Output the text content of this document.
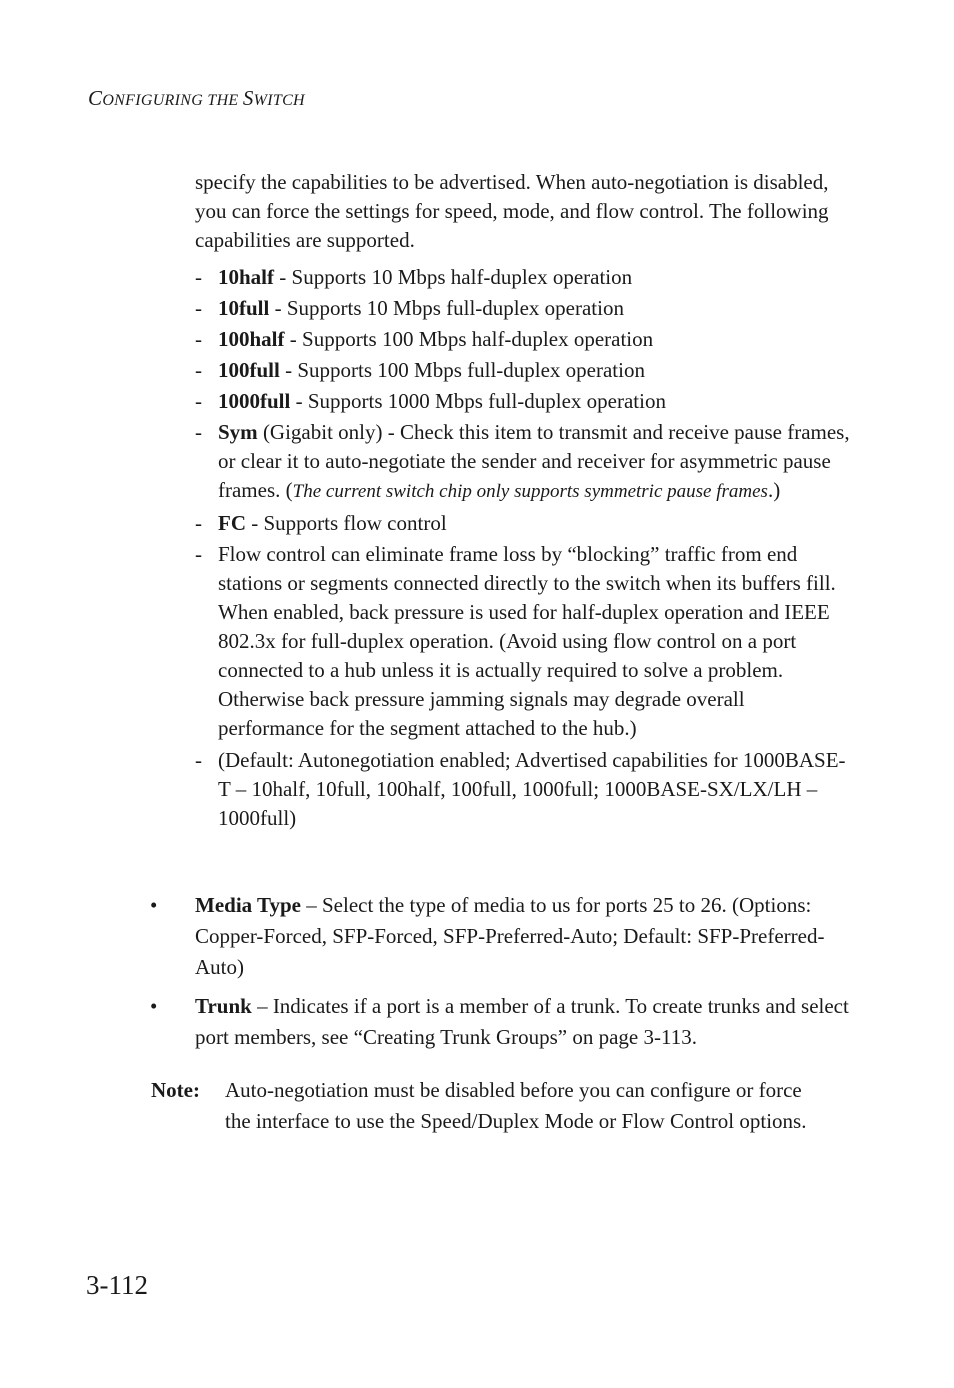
CONFIGURING THE SWITCH

specify the capabilities to be advertised. When auto-negotiation is disabled, you can force the settings for speed, mode, and flow control. The following capabilities are supported.

- 10half - Supports 10 Mbps half-duplex operation
- 10full - Supports 10 Mbps full-duplex operation
- 100half - Supports 100 Mbps half-duplex operation
- 100full - Supports 100 Mbps full-duplex operation
- 1000full - Supports 1000 Mbps full-duplex operation
- Sym (Gigabit only) - Check this item to transmit and receive pause frames, or clear it to auto-negotiate the sender and receiver for asymmetric pause frames. (The current switch chip only supports symmetric pause frames.)
- FC - Supports flow control
- Flow control can eliminate frame loss by “blocking” traffic from end stations or segments connected directly to the switch when its buffers fill. When enabled, back pressure is used for half-duplex operation and IEEE 802.3x for full-duplex operation. (Avoid using flow control on a port connected to a hub unless it is actually required to solve a problem. Otherwise back pressure jamming signals may degrade overall performance for the segment attached to the hub.)
- (Default: Autonegotiation enabled; Advertised capabilities for 1000BASE-T – 10half, 10full, 100half, 100full, 1000full; 1000BASE-SX/LX/LH – 1000full)
• Media Type – Select the type of media to us for ports 25 to 26. (Options: Copper-Forced, SFP-Forced, SFP-Preferred-Auto; Default: SFP-Preferred-Auto)
• Trunk – Indicates if a port is a member of a trunk. To create trunks and select port members, see “Creating Trunk Groups” on page 3-113.
Note: Auto-negotiation must be disabled before you can configure or force the interface to use the Speed/Duplex Mode or Flow Control options.
3-112
